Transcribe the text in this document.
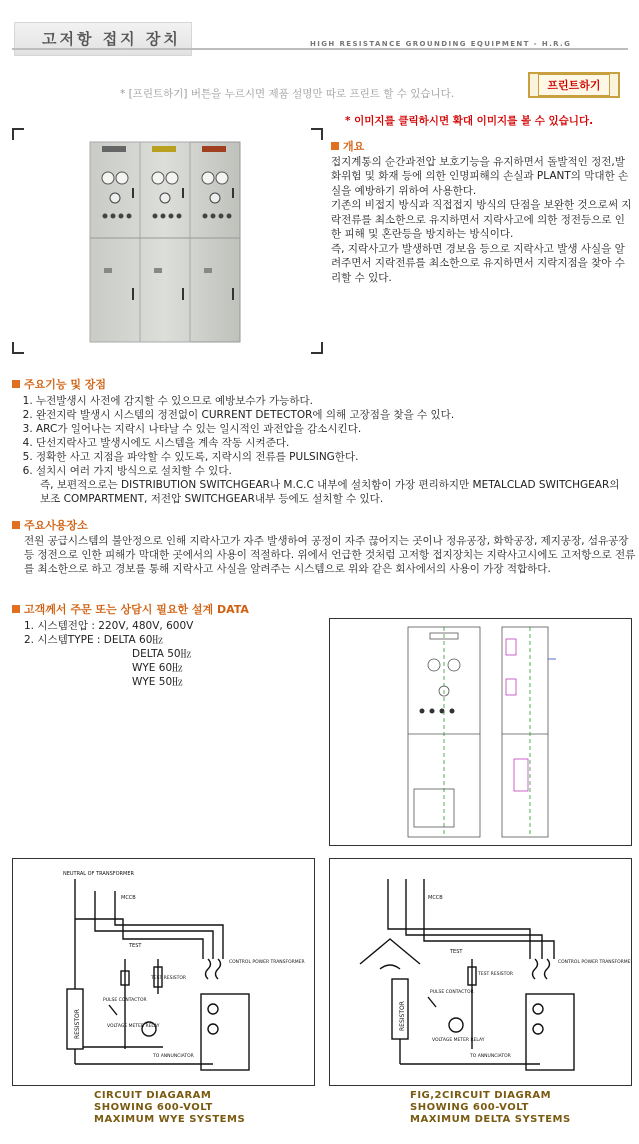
고저항 접지 장치	HIGH RESISTANCE GROUNDING EQUIPMENT - H.R.G
* [프린트하기] 버튼을 누르시면 제품 설명만 따로 프린트 할 수 있습니다.
프린트하기
* 이미지를 클릭하시면 확대 이미지를 볼 수 있습니다.
개요

접지계통의 순간과전압 보호기능을 유지하면서 돌발적인 정전,발화위험 및 화재 등에 의한 인명피해의 손실과 PLANT의 막대한 손실을 예방하기 위하여 사용한다.

기존의 비접지 방식과 직접접지 방식의 단점을 보완한 것으로써 지락전류를 최소한으로 유지하면서 지락사고에 의한 정전등으로 인한 피해 및 혼란등을 방지하는 방식이다.

즉, 지락사고가 발생하면 경보음 등으로 지락사고 발생 사실을 알려주면서 지락전류를 최소한으로 유지하면서 지락지점을 찾아 수리할 수 있다.

주요기능 및 장점
1. 누전발생시 사전에 감지할 수 있으므로 예방보수가 가능하다.
2. 완전지락 발생시 시스템의 정전없이 CURRENT DETECTOR에 의해 고장점을 찾을 수 있다.
3. ARC가 일어나는 지락시 나타날 수 있는 일시적인 과전압을 감소시킨다.
4. 단선지락사고 발생시에도 시스템을 계속 작동 시켜준다.
5. 정확한 사고 지점을 파악할 수 있도록, 지락시의 전류를 PULSING한다.
6. 설치시 여러 가지 방식으로 설치할 수 있다.
즉, 보편적으로는 DISTRIBUTION SWITCHGEAR나 M.C.C 내부에 설치함이 가장 편리하지만 METALCLAD SWITCHGEAR의 보조 COMPARTMENT, 저전압 SWITCHGEAR내부 등에도 설치할 수 있다.
주요사용장소

전원 공급시스템의 불안정으로 인해 지락사고가 자주 발생하여 공정이 자주 끊어지는 곳이나 정유공장, 화학공장, 제지공장, 섬유공장 등 정전으로 인한 피해가 막대한 곳에서의 사용이 적절하다. 위에서 언급한 것처럼 고저항 접지장치는 지락사고시에도 고저항으로 전류를 최소한으로 하고 경보를 통해 지락사고 사실을 알려주는 시스템으로 위와 같은 회사에서의 사용이 가장 적합하다.

고객께서 주문 또는 상담시 필요한 설계 DATA
1. 시스템전압 : 220V, 480V, 600V
2. 시스템TYPE : DELTA 60㎐
DELTA 50㎐
WYE 60㎐
WYE 50㎐
NEUTRAL OF TRANSFORMER
MCCB
TEST
TEST RESISTOR
CONTROL POWER TRANSFORMER
PULSE CONTACTOR
VOLTAGE METER RELAY
TO ANNUNCIATOR
RESISTOR
MCCB
TEST
TEST RESISTOR
CONTROL POWER TRANSFORMER
PULSE CONTACTOR
VOLTAGE METER RELAY
TO ANNUNCIATOR
RESISTOR
CIRCUIT DIAGARAM
SHOWING 600-VOLT
MAXIMUM WYE SYSTEMS
FIG,2CIRCUIT DIAGRAM
SHOWING 600-VOLT
MAXIMUM DELTA SYSTEMS
